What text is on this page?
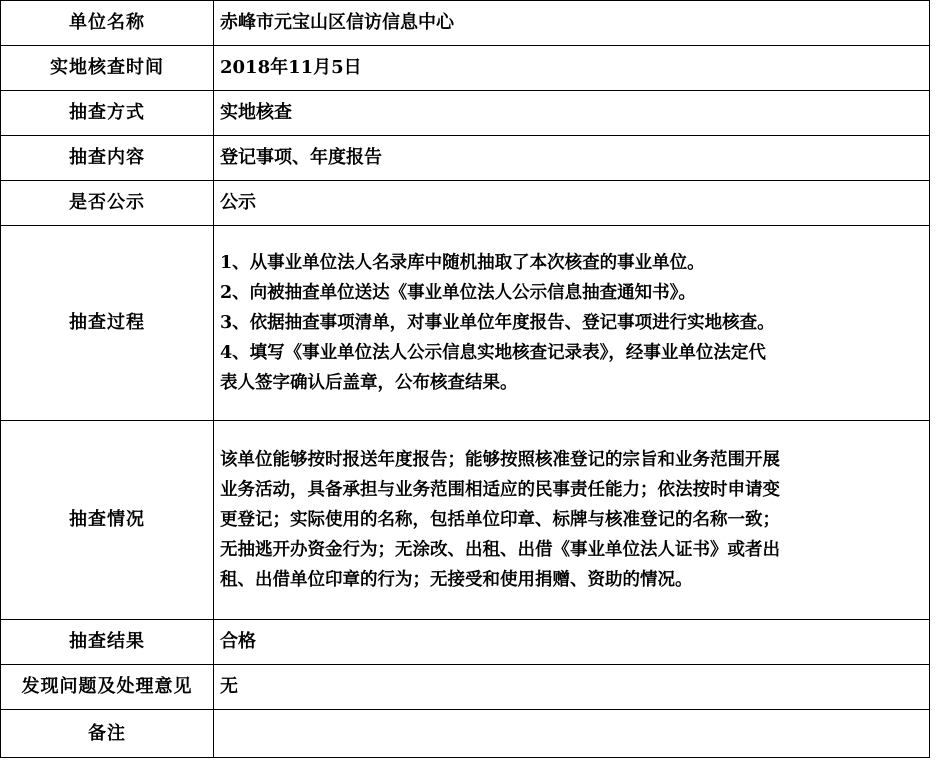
单位名称	赤峰市元宝山区信访信息中心
实地核查时间	2018年11月5日
抽查方式	实地核查
抽查内容	登记事项、年度报告
是否公示	公示
抽查过程	1、从事业单位法人名录库中随机抽取了本次核查的事业单位。
2、向被抽查单位送达《事业单位法人公示信息抽查通知书》。
3、依据抽查事项清单，对事业单位年度报告、登记事项进行实地核查。
4、填写《事业单位法人公示信息实地核查记录表》，经事业单位法定代
表人签字确认后盖章，公布核查结果。

抽查情况	该单位能够按时报送年度报告；能够按照核准登记的宗旨和业务范围开展
业务活动，具备承担与业务范围相适应的民事责任能力；依法按时申请变
更登记；实际使用的名称，包括单位印章、标牌与核准登记的名称一致；
无抽逃开办资金行为；无涂改、出租、出借《事业单位法人证书》或者出
租、出借单位印章的行为；无接受和使用捐赠、资助的情况。

抽查结果	合格
发现问题及处理意见	无
备注	
